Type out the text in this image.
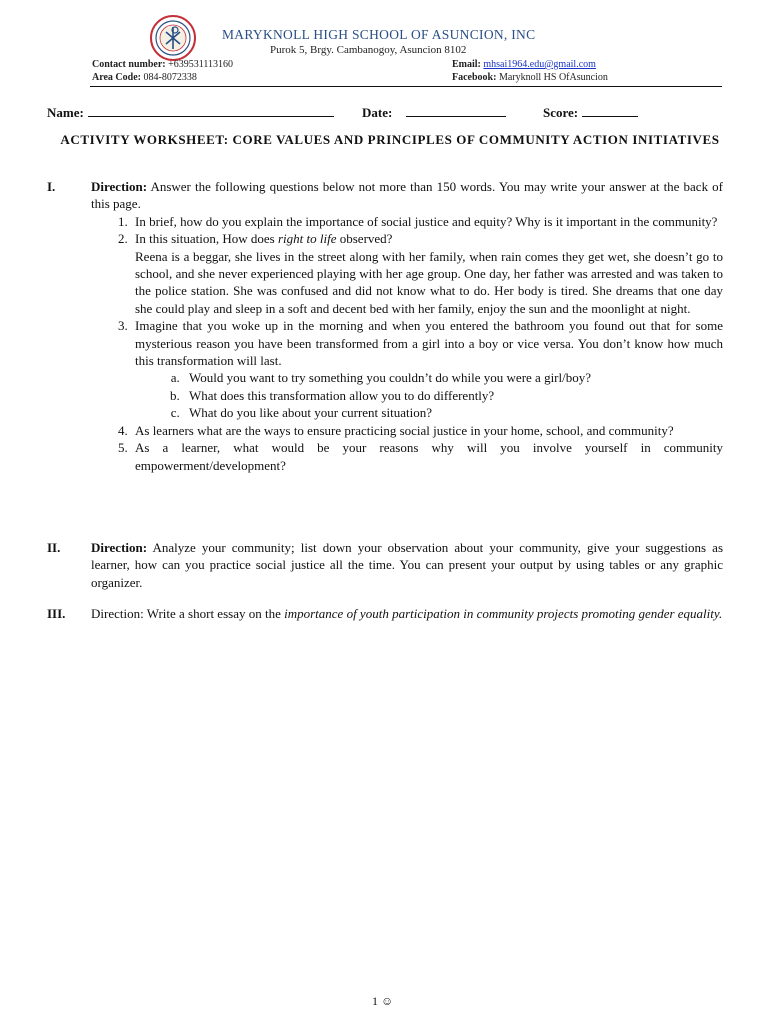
MARYKNOLL HIGH SCHOOL OF ASUNCION, INC
Purok 5, Brgy. Cambanogoy, Asuncion 8102
Contact number: +639531113160
Area Code: 084-8072338
Email: mhsai1964.edu@gmail.com
Facebook: Maryknoll HS OfAsuncion
Name:	Date:	Score:
ACTIVITY WORKSHEET: CORE VALUES AND PRINCIPLES OF COMMUNITY ACTION INITIATIVES
I.	Direction: Answer the following questions below not more than 150 words. You may write your answer at the back of this page.
1. In brief, how do you explain the importance of social justice and equity? Why is it important in the community?
2. In this situation, How does right to life observed?
Reena is a beggar, she lives in the street along with her family, when rain comes they get wet, she doesn’t go to school, and she never experienced playing with her age group. One day, her father was arrested and was taken to the police station. She was confused and did not know what to do. Her body is tired. She dreams that one day she could play and sleep in a soft and decent bed with her family, enjoy the sun and the moonlight at night.
3. Imagine that you woke up in the morning and when you entered the bathroom you found out that for some mysterious reason you have been transformed from a girl into a boy or vice versa. You don’t know how much this transformation will last.
a. Would you want to try something you couldn’t do while you were a girl/boy?
b. What does this transformation allow you to do differently?
c. What do you like about your current situation?
4. As learners what are the ways to ensure practicing social justice in your home, school, and community?
5. As a learner, what would be your reasons why will you involve yourself in community empowerment/development?
II. Direction: Analyze your community; list down your observation about your community, give your suggestions as learner, how can you practice social justice all the time. You can present your output by using tables or any graphic organizer.
III. Direction: Write a short essay on the importance of youth participation in community projects promoting gender equality.
1 ☺
